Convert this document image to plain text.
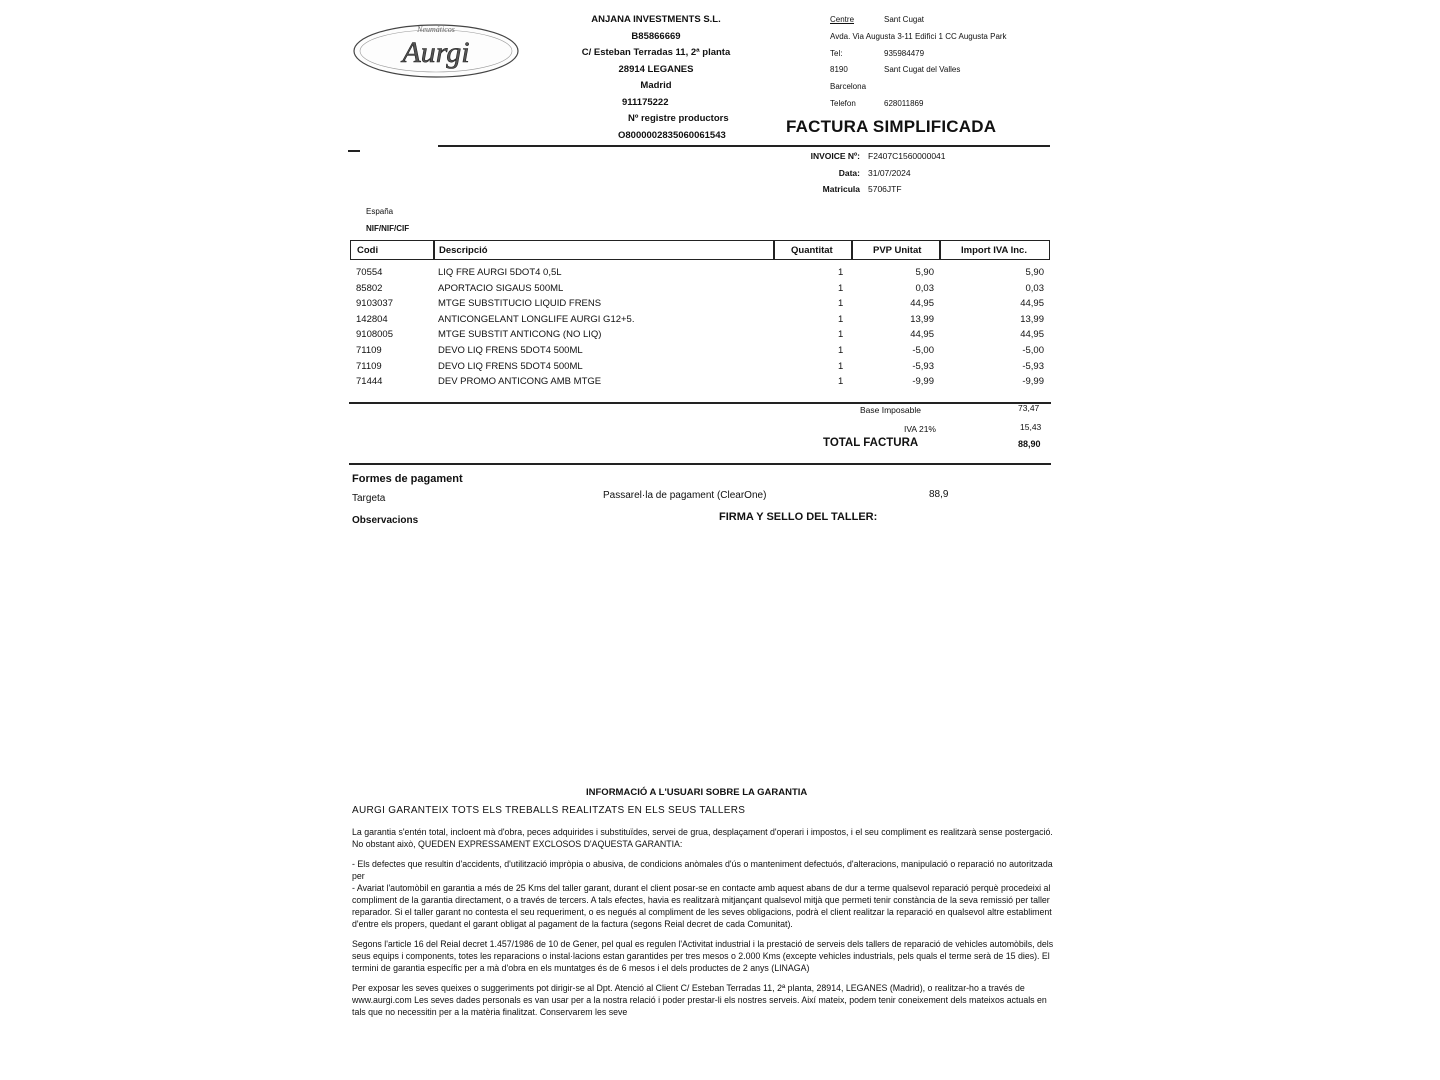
Neumáticos
Aurgi
ANJANA INVESTMENTS S.L.
B85866669
C/ Esteban Terradas 11, 2ª planta
28914 LEGANES
Madrid
911175222
Nº registre productors
O8000002835060061543
Centre	Sant Cugat
Avda. Via Augusta 3-11 Edifici 1 CC Augusta Park
Tel:	935984479
8190	Sant Cugat del Valles
Barcelona
Telefon	628011869
FACTURA SIMPLIFICADA
INVOICE Nº: F2407C1560000041
Data: 31/07/2024
Matricula 5706JTF
España
NIF/NIF/CIF
Codi	Descripció	Quantitat	PVP Unitat	Import IVA Inc.
70554	LIQ FRE AURGI 5DOT4 0,5L	1	5,90	5,90
85802	APORTACIO SIGAUS 500ML	1	0,03	0,03
9103037	MTGE SUBSTITUCIO LIQUID FRENS	1	44,95	44,95
142804	ANTICONGELANT LONGLIFE AURGI G12+5.	1	13,99	13,99
9108005	MTGE SUBSTIT ANTICONG (NO LIQ)	1	44,95	44,95
71109	DEVO LIQ FRENS 5DOT4 500ML	1	-5,00	-5,00
71109	DEVO LIQ FRENS 5DOT4 500ML	1	-5,93	-5,93
71444	DEV PROMO ANTICONG AMB MTGE	1	-9,99	-9,99
Base Imposable	73,47
IVA 21%	15,43
TOTAL FACTURA	88,90
Formes de pagament
Targeta	Passarel·la de pagament (ClearOne)	88,9
Observacions	FIRMA Y SELLO DEL TALLER:
INFORMACIÓ A L'USUARI SOBRE LA GARANTIA
AURGI GARANTEIX TOTS ELS TREBALLS REALITZATS EN ELS SEUS TALLERS

La garantia s'entén total, incloent mà d'obra, peces adquirides i substituïdes, servei de grua, desplaçament d'operari i impostos, i el seu compliment es realitzarà sense postergació. No obstant això, QUEDEN EXPRESSAMENT EXCLOSOS D'AQUESTA GARANTIA:

- Els defectes que resultin d'accidents, d'utilització impròpia o abusiva, de condicions anòmales d'ús o manteniment defectuós, d'alteracions, manipulació o reparació no autoritzada per
- Avariat l'automòbil en garantia a més de 25 Kms del taller garant, durant el client posar-se en contacte amb aquest abans de dur a terme qualsevol reparació perquè procedeixi al compliment de la garantia directament, o a través de tercers. A tals efectes, havia es realitzarà mitjançant qualsevol mitjà que permeti tenir constància de la seva remissió per taller reparador. Si el taller garant no contesta el seu requeriment, o es negués al compliment de les seves obligacions, podrà el client realitzar la reparació en qualsevol altre establiment d'entre els propers, quedant el garant obligat al pagament de la factura (segons Reial decret de cada Comunitat).

Segons l'article 16 del Reial decret 1.457/1986 de 10 de Gener, pel qual es regulen l'Activitat industrial i la prestació de serveis dels tallers de reparació de vehicles automòbils, dels seus equips i components, totes les reparacions o instal·lacions estan garantides per tres mesos o 2.000 Kms (excepte vehicles industrials, pels quals el terme serà de 15 dies). El termini de garantia específic per a mà d'obra en els muntatges és de 6 mesos i el dels productes de 2 anys (LINAGA)

Per exposar les seves queixes o suggeriments pot dirigir-se al Dpt. Atenció al Client C/ Esteban Terradas 11, 2ª planta, 28914, LEGANES (Madrid), o realitzar-ho a través de www.aurgi.com Les seves dades personals es van usar per a la nostra relació i poder prestar-li els nostres serveis. Així mateix, podem tenir coneixement dels mateixos actuals en tals que no necessitin per a la matèria finalitzat. Conservarem les seve
